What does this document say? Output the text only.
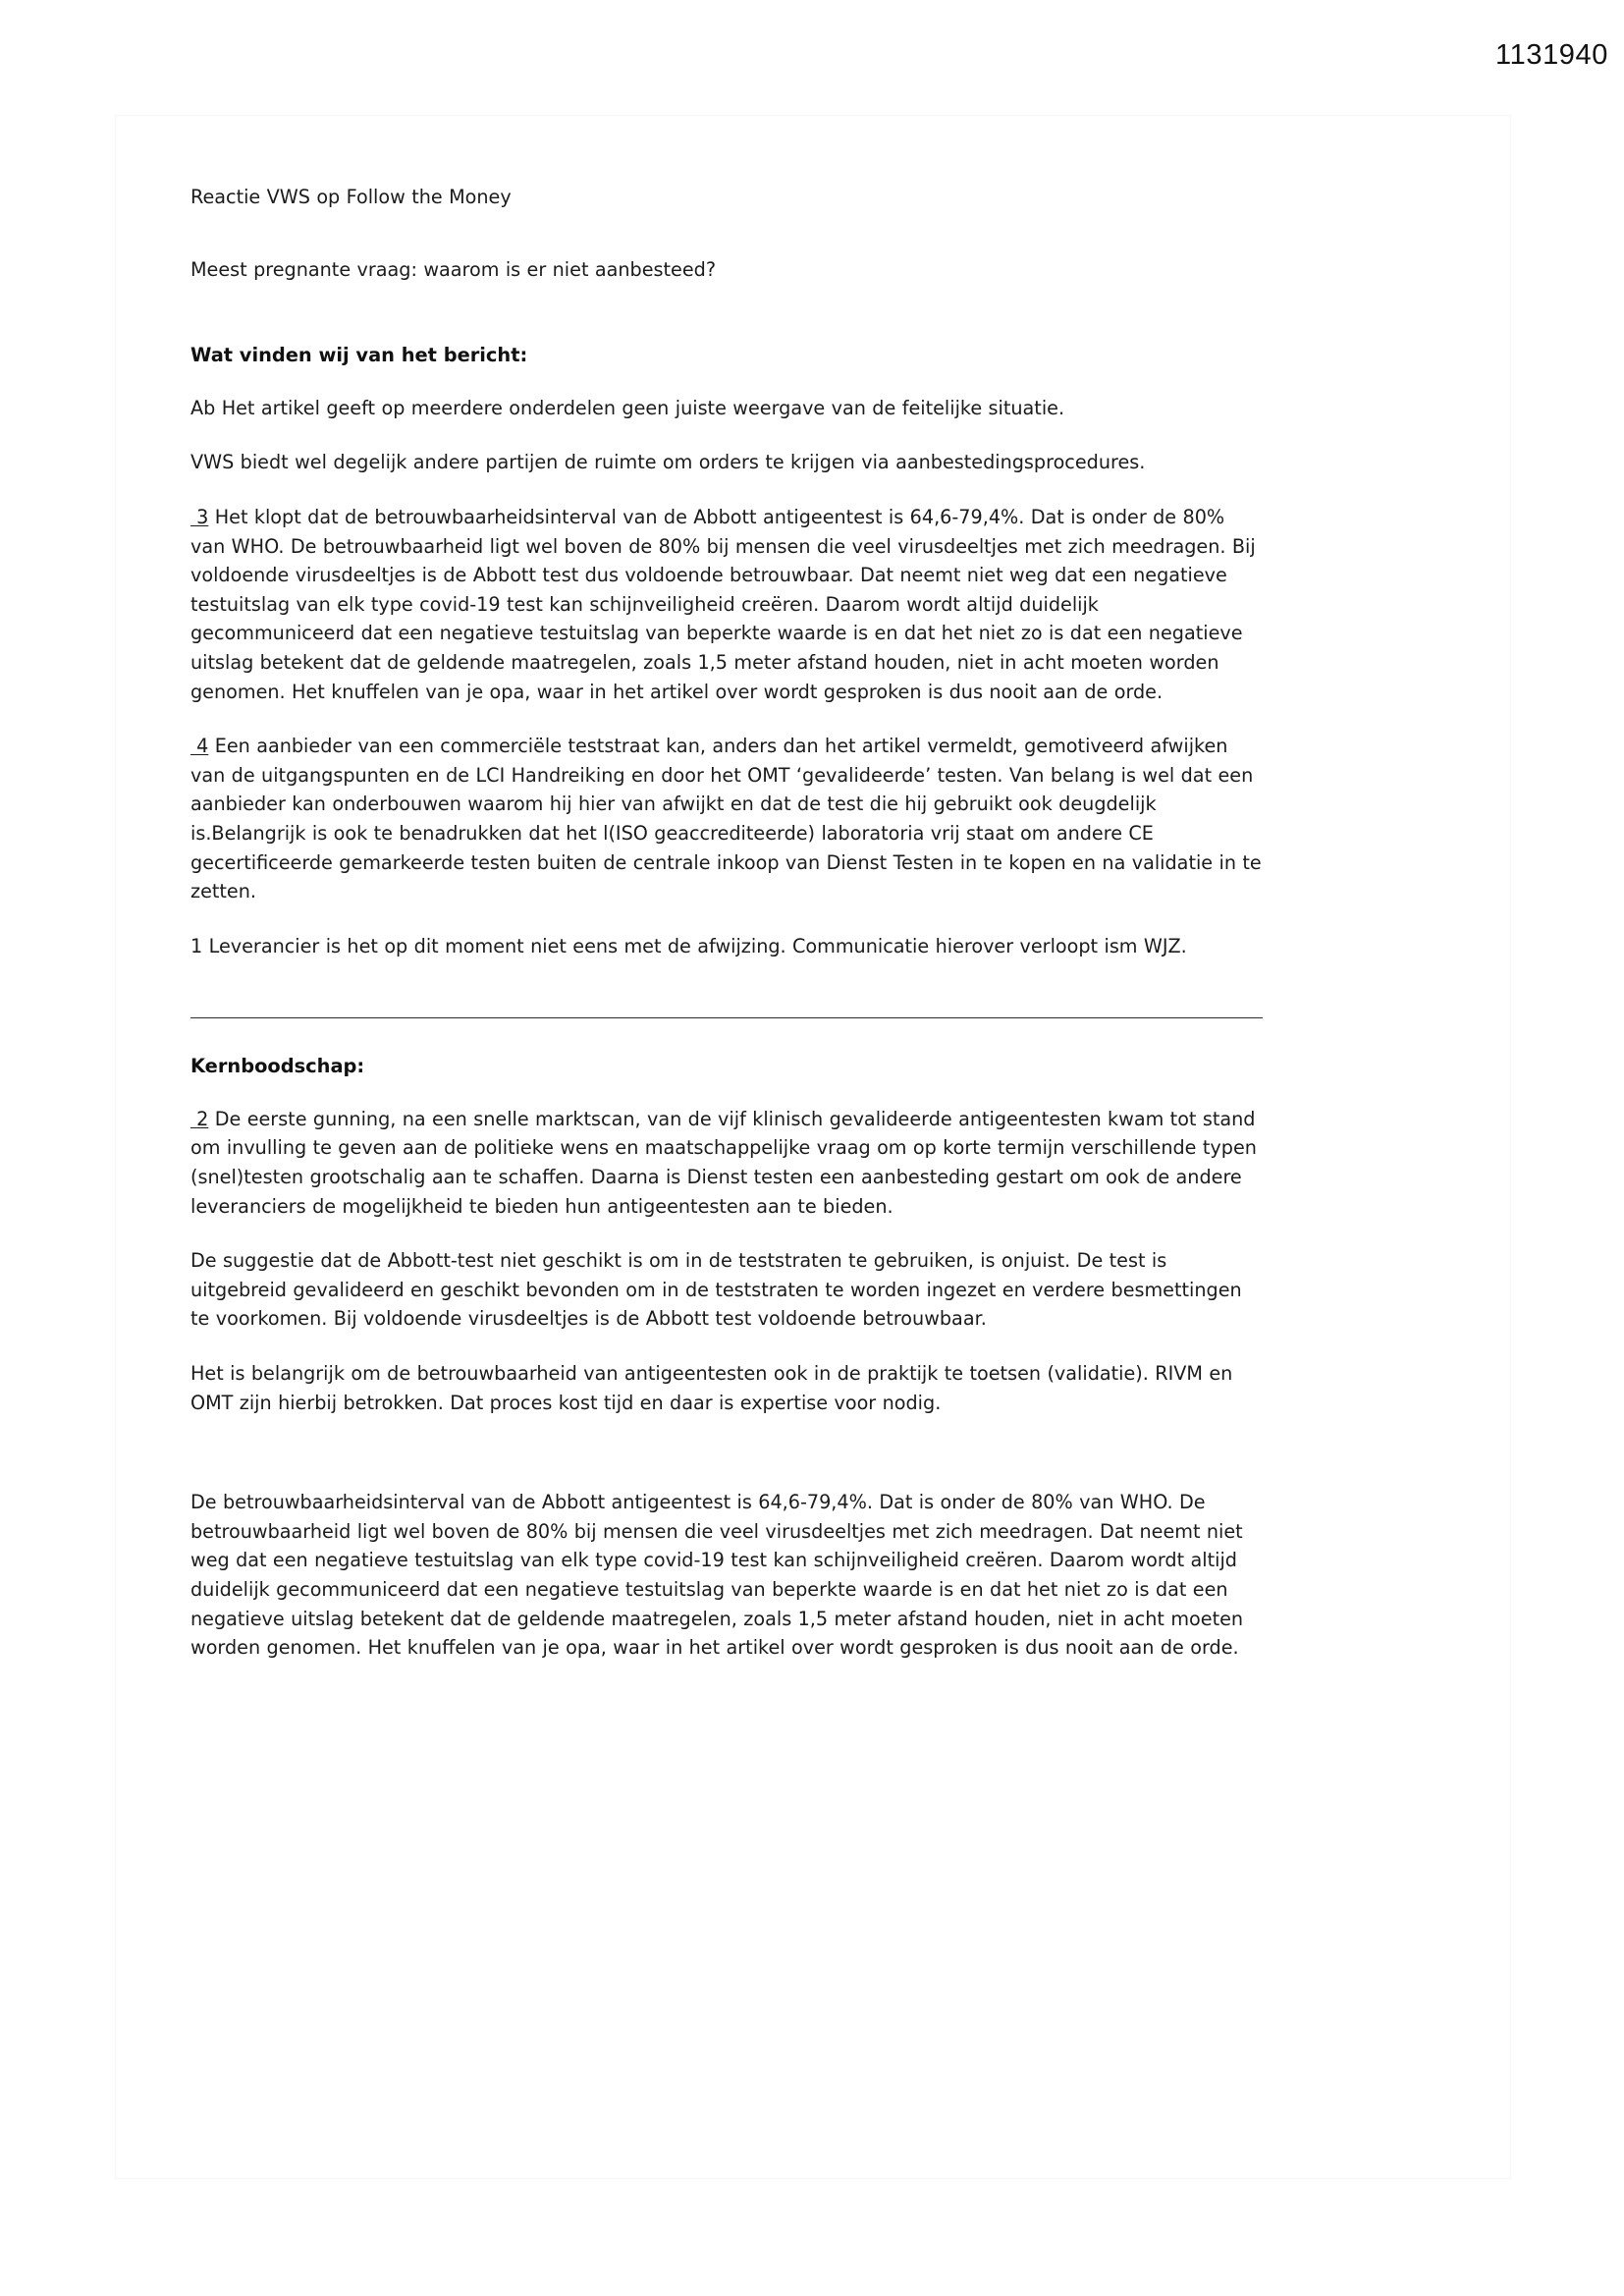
1131940

Reactie VWS op Follow the Money

Meest pregnante vraag: waarom is er niet aanbesteed?

Wat vinden wij van het bericht:

Ab Het artikel geeft op meerdere onderdelen geen juiste weergave van de feitelijke situatie.

VWS biedt wel degelijk andere partijen de ruimte om orders te krijgen via aanbestedingsprocedures.

3 Het klopt dat de betrouwbaarheidsinterval van de Abbott antigeentest is 64,6-79,4%. Dat is onder de 80% van WHO. De betrouwbaarheid ligt wel boven de 80% bij mensen die veel virusdeeltjes met zich meedragen. Bij voldoende virusdeeltjes is de Abbott test dus voldoende betrouwbaar. Dat neemt niet weg dat een negatieve testuitslag van elk type covid-19 test kan schijnveiligheid creëren. Daarom wordt altijd duidelijk gecommuniceerd dat een negatieve testuitslag van beperkte waarde is en dat het niet zo is dat een negatieve uitslag betekent dat de geldende maatregelen, zoals 1,5 meter afstand houden, niet in acht moeten worden genomen. Het knuffelen van je opa, waar in het artikel over wordt gesproken is dus nooit aan de orde.

4 Een aanbieder van een commerciële teststraat kan, anders dan het artikel vermeldt, gemotiveerd afwijken van de uitgangspunten en de LCI Handreiking en door het OMT ‘gevalideerde’ testen. Van belang is wel dat een aanbieder kan onderbouwen waarom hij hier van afwijkt en dat de test die hij gebruikt ook deugdelijk is.Belangrijk is ook te benadrukken dat het l(ISO geaccrediteerde) laboratoria vrij staat om andere CE gecertificeerde gemarkeerde testen buiten de centrale inkoop van Dienst Testen in te kopen en na validatie in te zetten.

1 Leverancier is het op dit moment niet eens met de afwijzing. Communicatie hierover verloopt ism WJZ.

Kernboodschap:

2 De eerste gunning, na een snelle marktscan, van de vijf klinisch gevalideerde antigeentesten kwam tot stand om invulling te geven aan de politieke wens en maatschappelijke vraag om op korte termijn verschillende typen (snel)testen grootschalig aan te schaffen. Daarna is Dienst testen een aanbesteding gestart om ook de andere leveranciers de mogelijkheid te bieden hun antigeentesten aan te bieden.

De suggestie dat de Abbott-test niet geschikt is om in de teststraten te gebruiken, is onjuist. De test is uitgebreid gevalideerd en geschikt bevonden om in de teststraten te worden ingezet en verdere besmettingen te voorkomen. Bij voldoende virusdeeltjes is de Abbott test voldoende betrouwbaar.

Het is belangrijk om de betrouwbaarheid van antigeentesten ook in de praktijk te toetsen (validatie). RIVM en OMT zijn hierbij betrokken. Dat proces kost tijd en daar is expertise voor nodig.

De betrouwbaarheidsinterval van de Abbott antigeentest is 64,6-79,4%. Dat is onder de 80% van WHO. De betrouwbaarheid ligt wel boven de 80% bij mensen die veel virusdeeltjes met zich meedragen. Dat neemt niet weg dat een negatieve testuitslag van elk type covid-19 test kan schijnveiligheid creëren. Daarom wordt altijd duidelijk gecommuniceerd dat een negatieve testuitslag van beperkte waarde is en dat het niet zo is dat een negatieve uitslag betekent dat de geldende maatregelen, zoals 1,5 meter afstand houden, niet in acht moeten worden genomen. Het knuffelen van je opa, waar in het artikel over wordt gesproken is dus nooit aan de orde.
